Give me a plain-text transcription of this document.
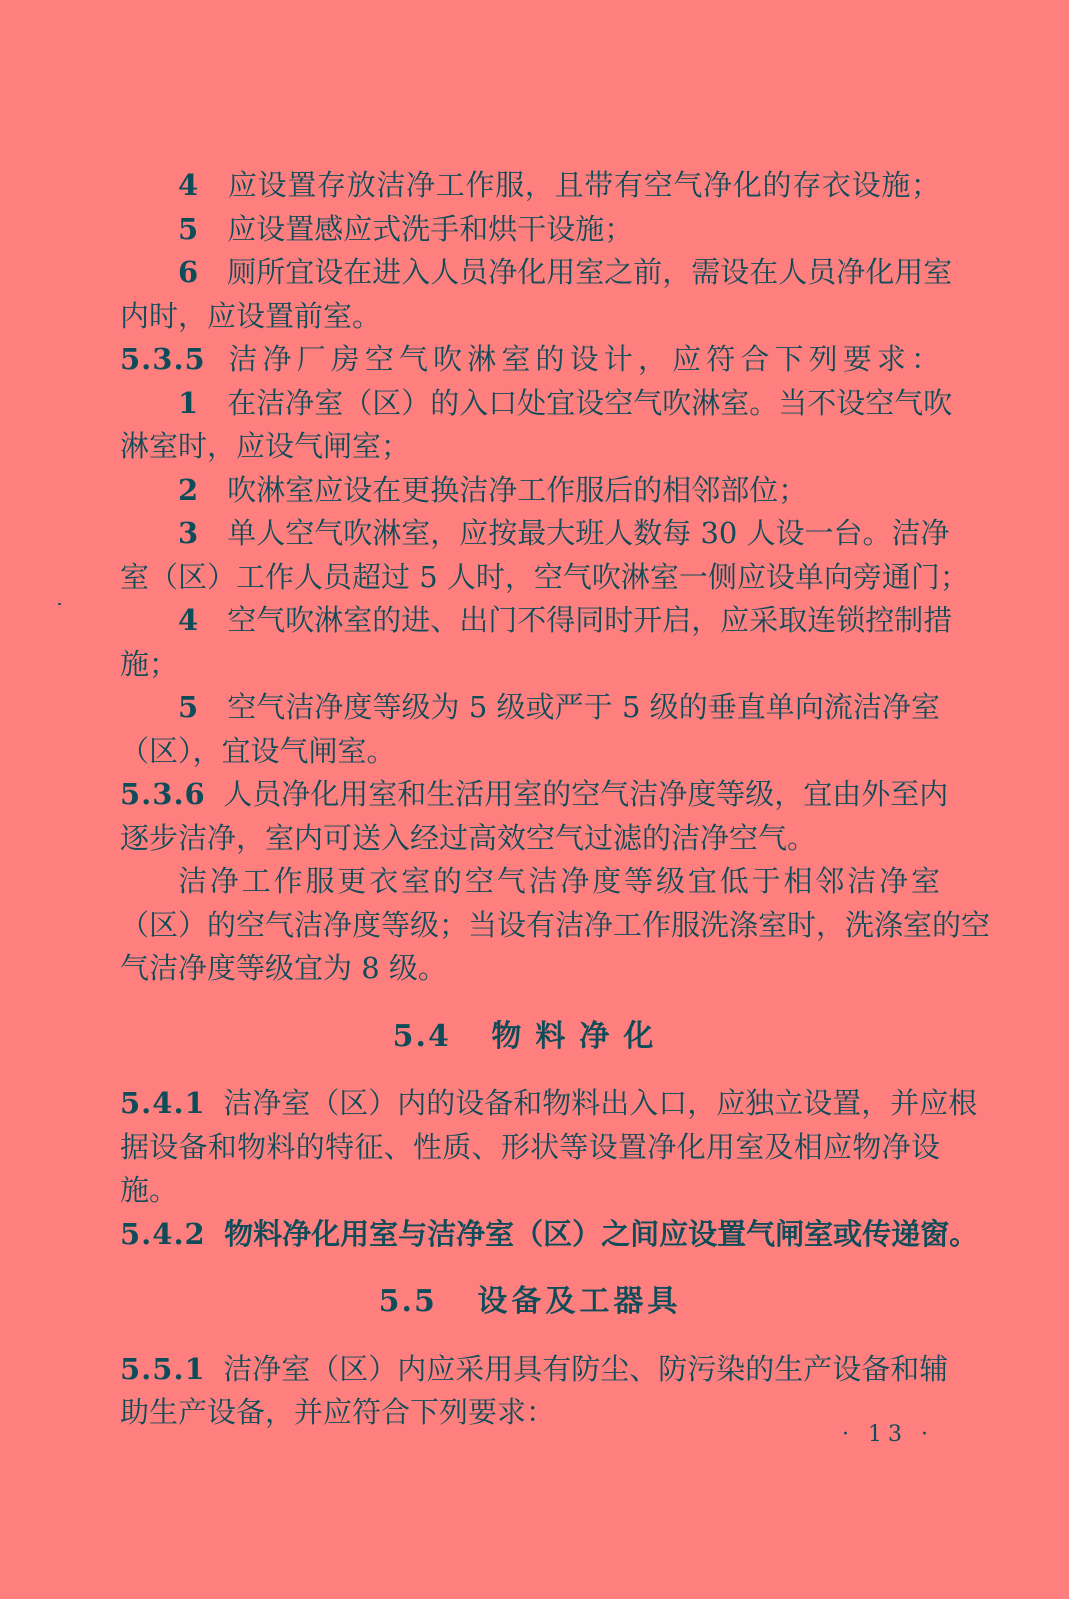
4 应设置存放洁净工作服，且带有空气净化的存衣设施；

5 应设置感应式洗手和烘干设施；

6 厕所宜设在进入人员净化用室之前，需设在人员净化用室

内时，应设置前室。

5.3.5 洁净厂房空气吹淋室的设计，应符合下列要求：

1 在洁净室（区）的入口处宜设空气吹淋室。当不设空气吹

淋室时，应设气闸室；

2 吹淋室应设在更换洁净工作服后的相邻部位；

3 单人空气吹淋室，应按最大班人数每 30 人设一台。洁净

室（区）工作人员超过 5 人时，空气吹淋室一侧应设单向旁通门；

4 空气吹淋室的进、出门不得同时开启，应采取连锁控制措

施；

5 空气洁净度等级为 5 级或严于 5 级的垂直单向流洁净室

（区），宜设气闸室。

5.3.6 人员净化用室和生活用室的空气洁净度等级，宜由外至内

逐步洁净，室内可送入经过高效空气过滤的洁净空气。

洁净工作服更衣室的空气洁净度等级宜低于相邻洁净室

（区）的空气洁净度等级；当设有洁净工作服洗涤室时，洗涤室的空

气洁净度等级宜为 8 级。

5.4 物料净化

5.4.1 洁净室（区）内的设备和物料出入口，应独立设置，并应根

据设备和物料的特征、性质、形状等设置净化用室及相应物净设

施。

5.4.2 物料净化用室与洁净室（区）之间应设置气闸室或传递窗。

5.5 设备及工器具

5.5.1 洁净室（区）内应采用具有防尘、防污染的生产设备和辅

助生产设备，并应符合下列要求：

· 13 ·
